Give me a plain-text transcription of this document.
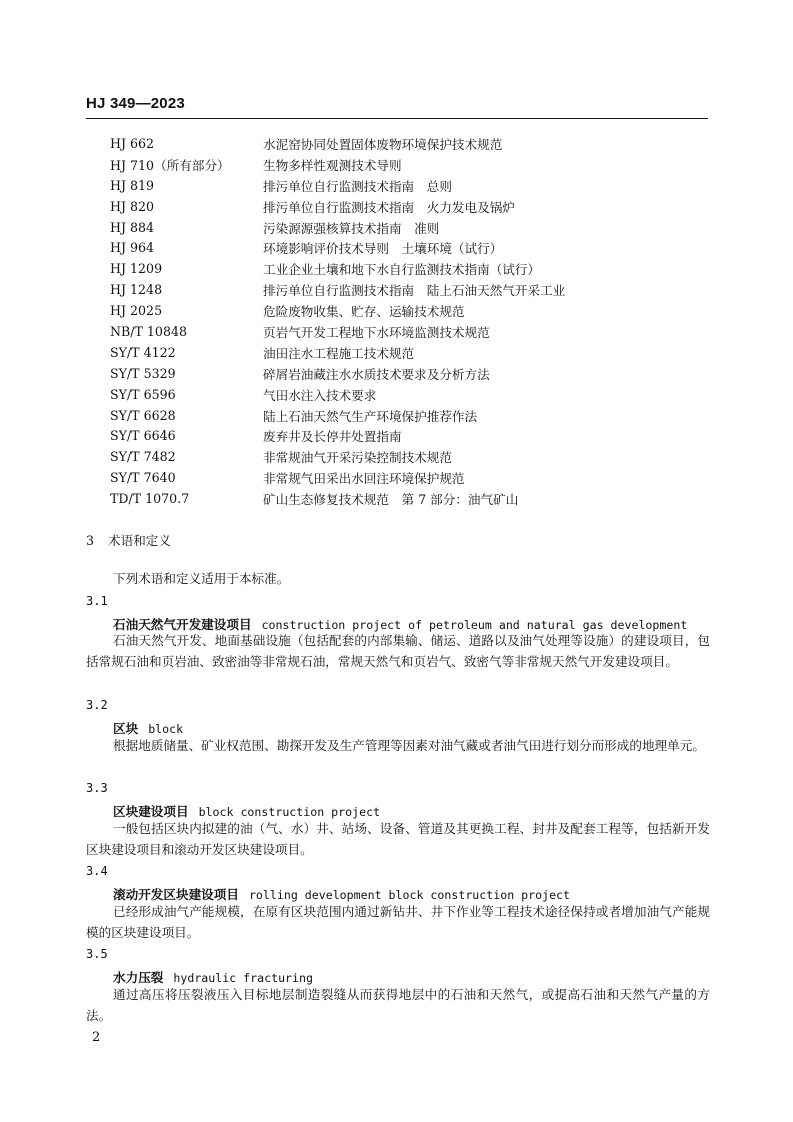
HJ 349—2023
HJ 662	水泥窑协同处置固体废物环境保护技术规范
HJ 710（所有部分）	生物多样性观测技术导则
HJ 819	排污单位自行监测技术指南　总则
HJ 820	排污单位自行监测技术指南　火力发电及锅炉
HJ 884	污染源源强核算技术指南　准则
HJ 964	环境影响评价技术导则　土壤环境（试行）
HJ 1209	工业企业土壤和地下水自行监测技术指南（试行）
HJ 1248	排污单位自行监测技术指南　陆上石油天然气开采工业
HJ 2025	危险废物收集、贮存、运输技术规范
NB/T 10848	页岩气开发工程地下水环境监测技术规范
SY/T 4122	油田注水工程施工技术规范
SY/T 5329	碎屑岩油藏注水水质技术要求及分析方法
SY/T 6596	气田水注入技术要求
SY/T 6628	陆上石油天然气生产环境保护推荐作法
SY/T 6646	废弃井及长停井处置指南
SY/T 7482	非常规油气开采污染控制技术规范
SY/T 7640	非常规气田采出水回注环境保护规范
TD/T 1070.7	矿山生态修复技术规范　第 7 部分：油气矿山
3 术语和定义
下列术语和定义适用于本标准。
3.1
石油天然气开发建设项目 construction project of petroleum and natural gas development
石油天然气开发、地面基础设施（包括配套的内部集输、储运、道路以及油气处理等设施）的建设项目，包括常规石油和页岩油、致密油等非常规石油，常规天然气和页岩气、致密气等非常规天然气开发建设项目。
3.2
区块 block
根据地质储量、矿业权范围、勘探开发及生产管理等因素对油气藏或者油气田进行划分而形成的地理单元。
3.3
区块建设项目 block construction project
一般包括区块内拟建的油（气、水）井、站场、设备、管道及其更换工程、封井及配套工程等，包括新开发区块建设项目和滚动开发区块建设项目。
3.4
滚动开发区块建设项目 rolling development block construction project
已经形成油气产能规模，在原有区块范围内通过新钻井、井下作业等工程技术途径保持或者增加油气产能规模的区块建设项目。
3.5
水力压裂 hydraulic fracturing
通过高压将压裂液压入目标地层制造裂缝从而获得地层中的石油和天然气，或提高石油和天然气产量的方法。
2
